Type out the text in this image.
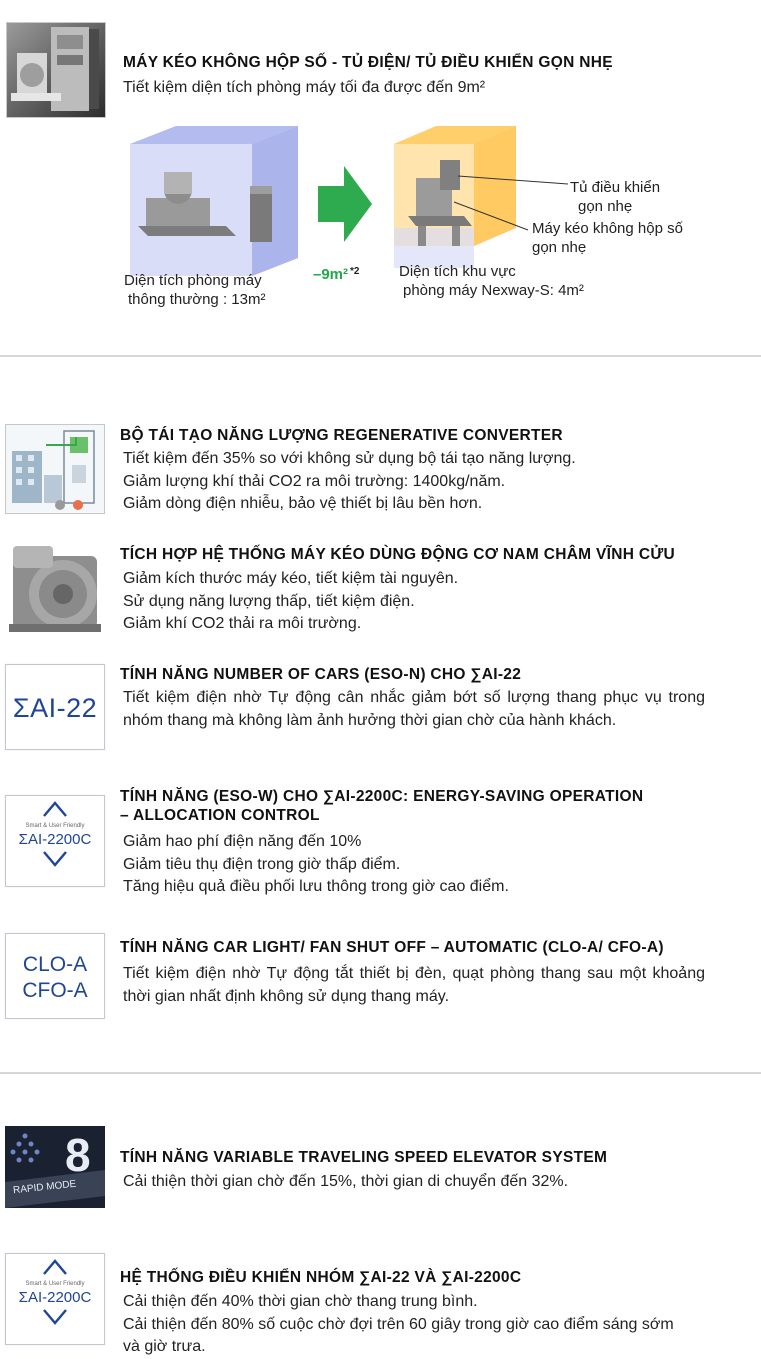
MÁY KÉO KHÔNG HỘP SỐ - TỦ ĐIỆN/ TỦ ĐIỀU KHIỂN GỌN NHẸ
Tiết kiệm diện tích phòng máy tối đa được đến 9m²
Diện tích phòng máy
thông thường : 13m²
–9m² $^{*2}$	Diện tích khu vực
phòng máy Nexway-S: 4m²
Tủ điều khiển
gọn nhẹ
Máy kéo không hộp số
gọn nhẹ
BỘ TÁI TẠO NĂNG LƯỢNG REGENERATIVE CONVERTER
Tiết kiệm đến 35% so với không sử dụng bộ tái tạo năng lượng.
Giảm lượng khí thải CO2 ra môi trường: 1400kg/năm.
Giảm dòng điện nhiễu, bảo vệ thiết bị lâu bền hơn.
TÍCH HỢP HỆ THỐNG MÁY KÉO DÙNG ĐỘNG CƠ NAM CHÂM VĨNH CỬU
Giảm kích thước máy kéo, tiết kiệm tài nguyên.
Sử dụng năng lượng thấp, tiết kiệm điện.
Giảm khí CO2 thải ra môi trường.
ΣAI-22
TÍNH NĂNG NUMBER OF CARS (ESO-N) CHO ∑AI-22
Tiết kiệm điện nhờ Tự động cân nhắc giảm bớt số lượng thang phục vụ trong nhóm thang mà không làm ảnh hưởng thời gian chờ của hành khách.
Smart & User Friendly
ΣAI-2200C
TÍNH NĂNG (ESO-W) CHO ∑AI-2200C: ENERGY-SAVING OPERATION
– ALLOCATION CONTROL
Giảm hao phí điện năng đến 10%
Giảm tiêu thụ điện trong giờ thấp điểm.
Tăng hiệu quả điều phối lưu thông trong giờ cao điểm.
CLO-A
CFO-A
TÍNH NĂNG CAR LIGHT/ FAN SHUT OFF – AUTOMATIC (CLO-A/ CFO-A)
Tiết kiệm điện nhờ Tự động tắt thiết bị đèn, quạt phòng thang sau một khoảng thời gian nhất định không sử dụng thang máy.
8
RAPID MODE
TÍNH NĂNG VARIABLE TRAVELING SPEED ELEVATOR SYSTEM
Cải thiện thời gian chờ đến 15%, thời gian di chuyển đến 32%.
Smart & User Friendly
ΣAI-2200C
HỆ THỐNG ĐIỀU KHIỂN NHÓM ∑AI-22 VÀ ∑AI-2200C
Cải thiện đến 40% thời gian chờ thang trung bình.
Cải thiện đến 80% số cuộc chờ đợi trên 60 giây trong giờ cao điểm sáng sớm
và giờ trưa.
